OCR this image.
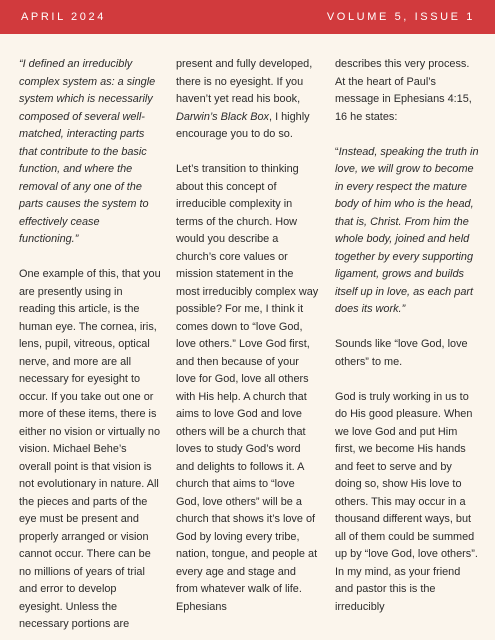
APRIL 2024	VOLUME 5, ISSUE 1

“I defined an irreducibly complex system as: a single system which is necessarily composed of several well-matched, interacting parts that contribute to the basic function, and where the removal of any one of the parts causes the system to effectively cease functioning.”

One example of this, that you are presently using in reading this article, is the human eye. The cornea, iris, lens, pupil, vitreous, optical nerve, and more are all necessary for eyesight to occur. If you take out one or more of these items, there is either no vision or virtually no vision. Michael Behe’s overall point is that vision is not evolutionary in nature. All the pieces and parts of the eye must be present and properly arranged or vision cannot occur. There can be no millions of years of trial and error to develop eyesight. Unless the necessary portions are

present and fully developed, there is no eyesight. If you haven’t yet read his book, Darwin’s Black Box, I highly encourage you to do so.

Let’s transition to thinking about this concept of irreducible complexity in terms of the church. How would you describe a church’s core values or mission statement in the most irreducibly complex way possible? For me, I think it comes down to “love God, love others.” Love God first, and then because of your love for God, love all others with His help. A church that aims to love God and love others will be a church that loves to study God’s word and delights to follows it. A church that aims to “love God, love others” will be a church that shows it’s love of God by loving every tribe, nation, tongue, and people at every age and stage and from whatever walk of life. Ephesians

describes this very process. At the heart of Paul’s message in Ephesians 4:15, 16 he states:

“Instead, speaking the truth in love, we will grow to become in every respect the mature body of him who is the head, that is, Christ. From him the whole body, joined and held together by every supporting ligament, grows and builds itself up in love, as each part does its work.”

Sounds like “love God, love others” to me.

God is truly working in us to do His good pleasure. When we love God and put Him first, we become His hands and feet to serve and by doing so, show His love to others. This may occur in a thousand different ways, but all of them could be summed up by “love God, love others”. In my mind, as your friend and pastor this is the irreducibly
